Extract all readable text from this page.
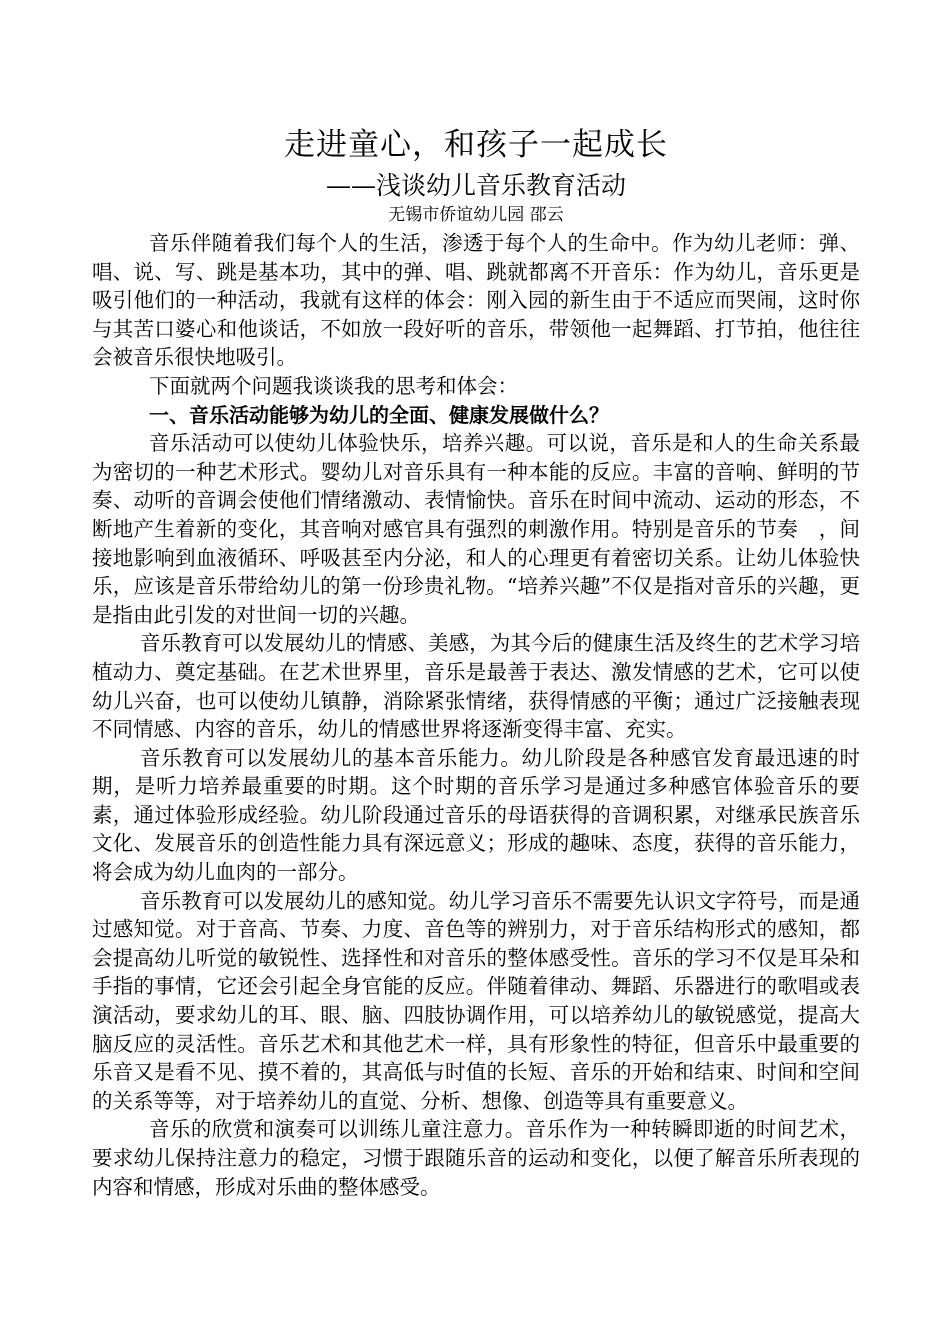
走进童心，和孩子一起成长
——浅谈幼儿音乐教育活动
无锡市侨谊幼儿园 邵云

音乐伴随着我们每个人的生活，渗透于每个人的生命中。作为幼儿老师：弹、唱、说、写、跳是基本功，其中的弹、唱、跳就都离不开音乐：作为幼儿，音乐更是吸引他们的一种活动，我就有这样的体会：刚入园的新生由于不适应而哭闹，这时你与其苦口婆心和他谈话，不如放一段好听的音乐，带领他一起舞蹈、打节拍，他往往会被音乐很快地吸引。

下面就两个问题我谈谈我的思考和体会：

一、音乐活动能够为幼儿的全面、健康发展做什么？

音乐活动可以使幼儿体验快乐，培养兴趣。可以说，音乐是和人的生命关系最为密切的一种艺术形式。婴幼儿对音乐具有一种本能的反应。丰富的音响、鲜明的节奏、动听的音调会使他们情绪激动、表情愉快。音乐在时间中流动、运动的形态，不断地产生着新的变化，其音响对感官具有强烈的刺激作用。特别是音乐的节奏　，间接地影响到血液循环、呼吸甚至内分泌，和人的心理更有着密切关系。让幼儿体验快乐，应该是音乐带给幼儿的第一份珍贵礼物。“培养兴趣”不仅是指对音乐的兴趣，更是指由此引发的对世间一切的兴趣。

音乐教育可以发展幼儿的情感、美感，为其今后的健康生活及终生的艺术学习培植动力、奠定基础。在艺术世界里，音乐是最善于表达、激发情感的艺术，它可以使幼儿兴奋，也可以使幼儿镇静，消除紧张情绪，获得情感的平衡；通过广泛接触表现不同情感、内容的音乐，幼儿的情感世界将逐渐变得丰富、充实。

音乐教育可以发展幼儿的基本音乐能力。幼儿阶段是各种感官发育最迅速的时期，是听力培养最重要的时期。这个时期的音乐学习是通过多种感官体验音乐的要素，通过体验形成经验。幼儿阶段通过音乐的母语获得的音调积累，对继承民族音乐文化、发展音乐的创造性能力具有深远意义；形成的趣味、态度，获得的音乐能力，将会成为幼儿血肉的一部分。

音乐教育可以发展幼儿的感知觉。幼儿学习音乐不需要先认识文字符号，而是通过感知觉。对于音高、节奏、力度、音色等的辨别力，对于音乐结构形式的感知，都会提高幼儿听觉的敏锐性、选择性和对音乐的整体感受性。音乐的学习不仅是耳朵和手指的事情，它还会引起全身官能的反应。伴随着律动、舞蹈、乐器进行的歌唱或表演活动，要求幼儿的耳、眼、脑、四肢协调作用，可以培养幼儿的敏锐感觉，提高大脑反应的灵活性。音乐艺术和其他艺术一样，具有形象性的特征，但音乐中最重要的乐音又是看不见、摸不着的，其高低与时值的长短、音乐的开始和结束、时间和空间的关系等等，对于培养幼儿的直觉、分析、想像、创造等具有重要意义。

音乐的欣赏和演奏可以训练儿童注意力。音乐作为一种转瞬即逝的时间艺术，要求幼儿保持注意力的稳定，习惯于跟随乐音的运动和变化，以便了解音乐所表现的内容和情感，形成对乐曲的整体感受。
